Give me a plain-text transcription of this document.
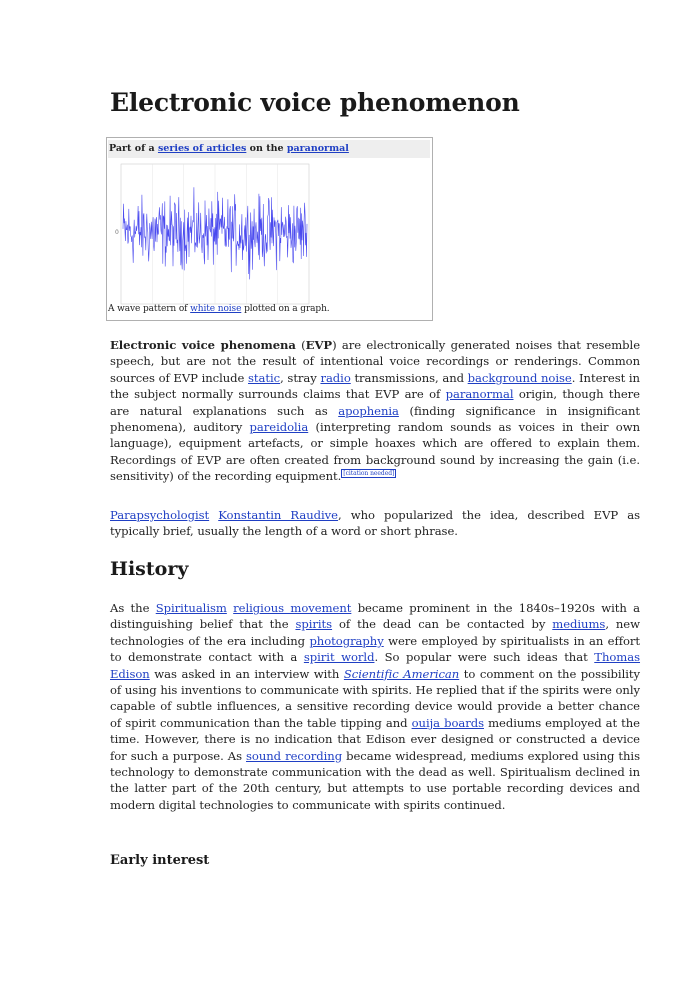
Electronic voice phenomenon
Part of a series of articles on the paranormal
0
A wave pattern of white noise plotted on a graph.
Electronic voice phenomena (EVP) are electronically generated noises that resemble speech, but are not the result of intentional voice recordings or renderings. Common sources of EVP include static, stray radio transmissions, and background noise. Interest in the subject normally surrounds claims that EVP are of paranormal origin, though there are natural explanations such as apophenia (finding significance in insignificant phenomena), auditory pareidolia (interpreting random sounds as voices in their own language), equipment artefacts, or simple hoaxes which are offered to explain them. Recordings of EVP are often created from background sound by increasing the gain (i.e. sensitivity) of the recording equipment. [citation needed]
Parapsychologist Konstantin Raudive, who popularized the idea, described EVP as typically brief, usually the length of a word or short phrase.
History
As the Spiritualism religious movement became prominent in the 1840s–1920s with a distinguishing belief that the spirits of the dead can be contacted by mediums, new technologies of the era including photography were employed by spiritualists in an effort to demonstrate contact with a spirit world. So popular were such ideas that Thomas Edison was asked in an interview with Scientific American to comment on the possibility of using his inventions to communicate with spirits. He replied that if the spirits were only capable of subtle influences, a sensitive recording device would provide a better chance of spirit communication than the table tipping and ouija boards mediums employed at the time. However, there is no indication that Edison ever designed or constructed a device for such a purpose. As sound recording became widespread, mediums explored using this technology to demonstrate communication with the dead as well. Spiritualism declined in the latter part of the 20th century, but attempts to use portable recording devices and modern digital technologies to communicate with spirits continued.
Early interest
